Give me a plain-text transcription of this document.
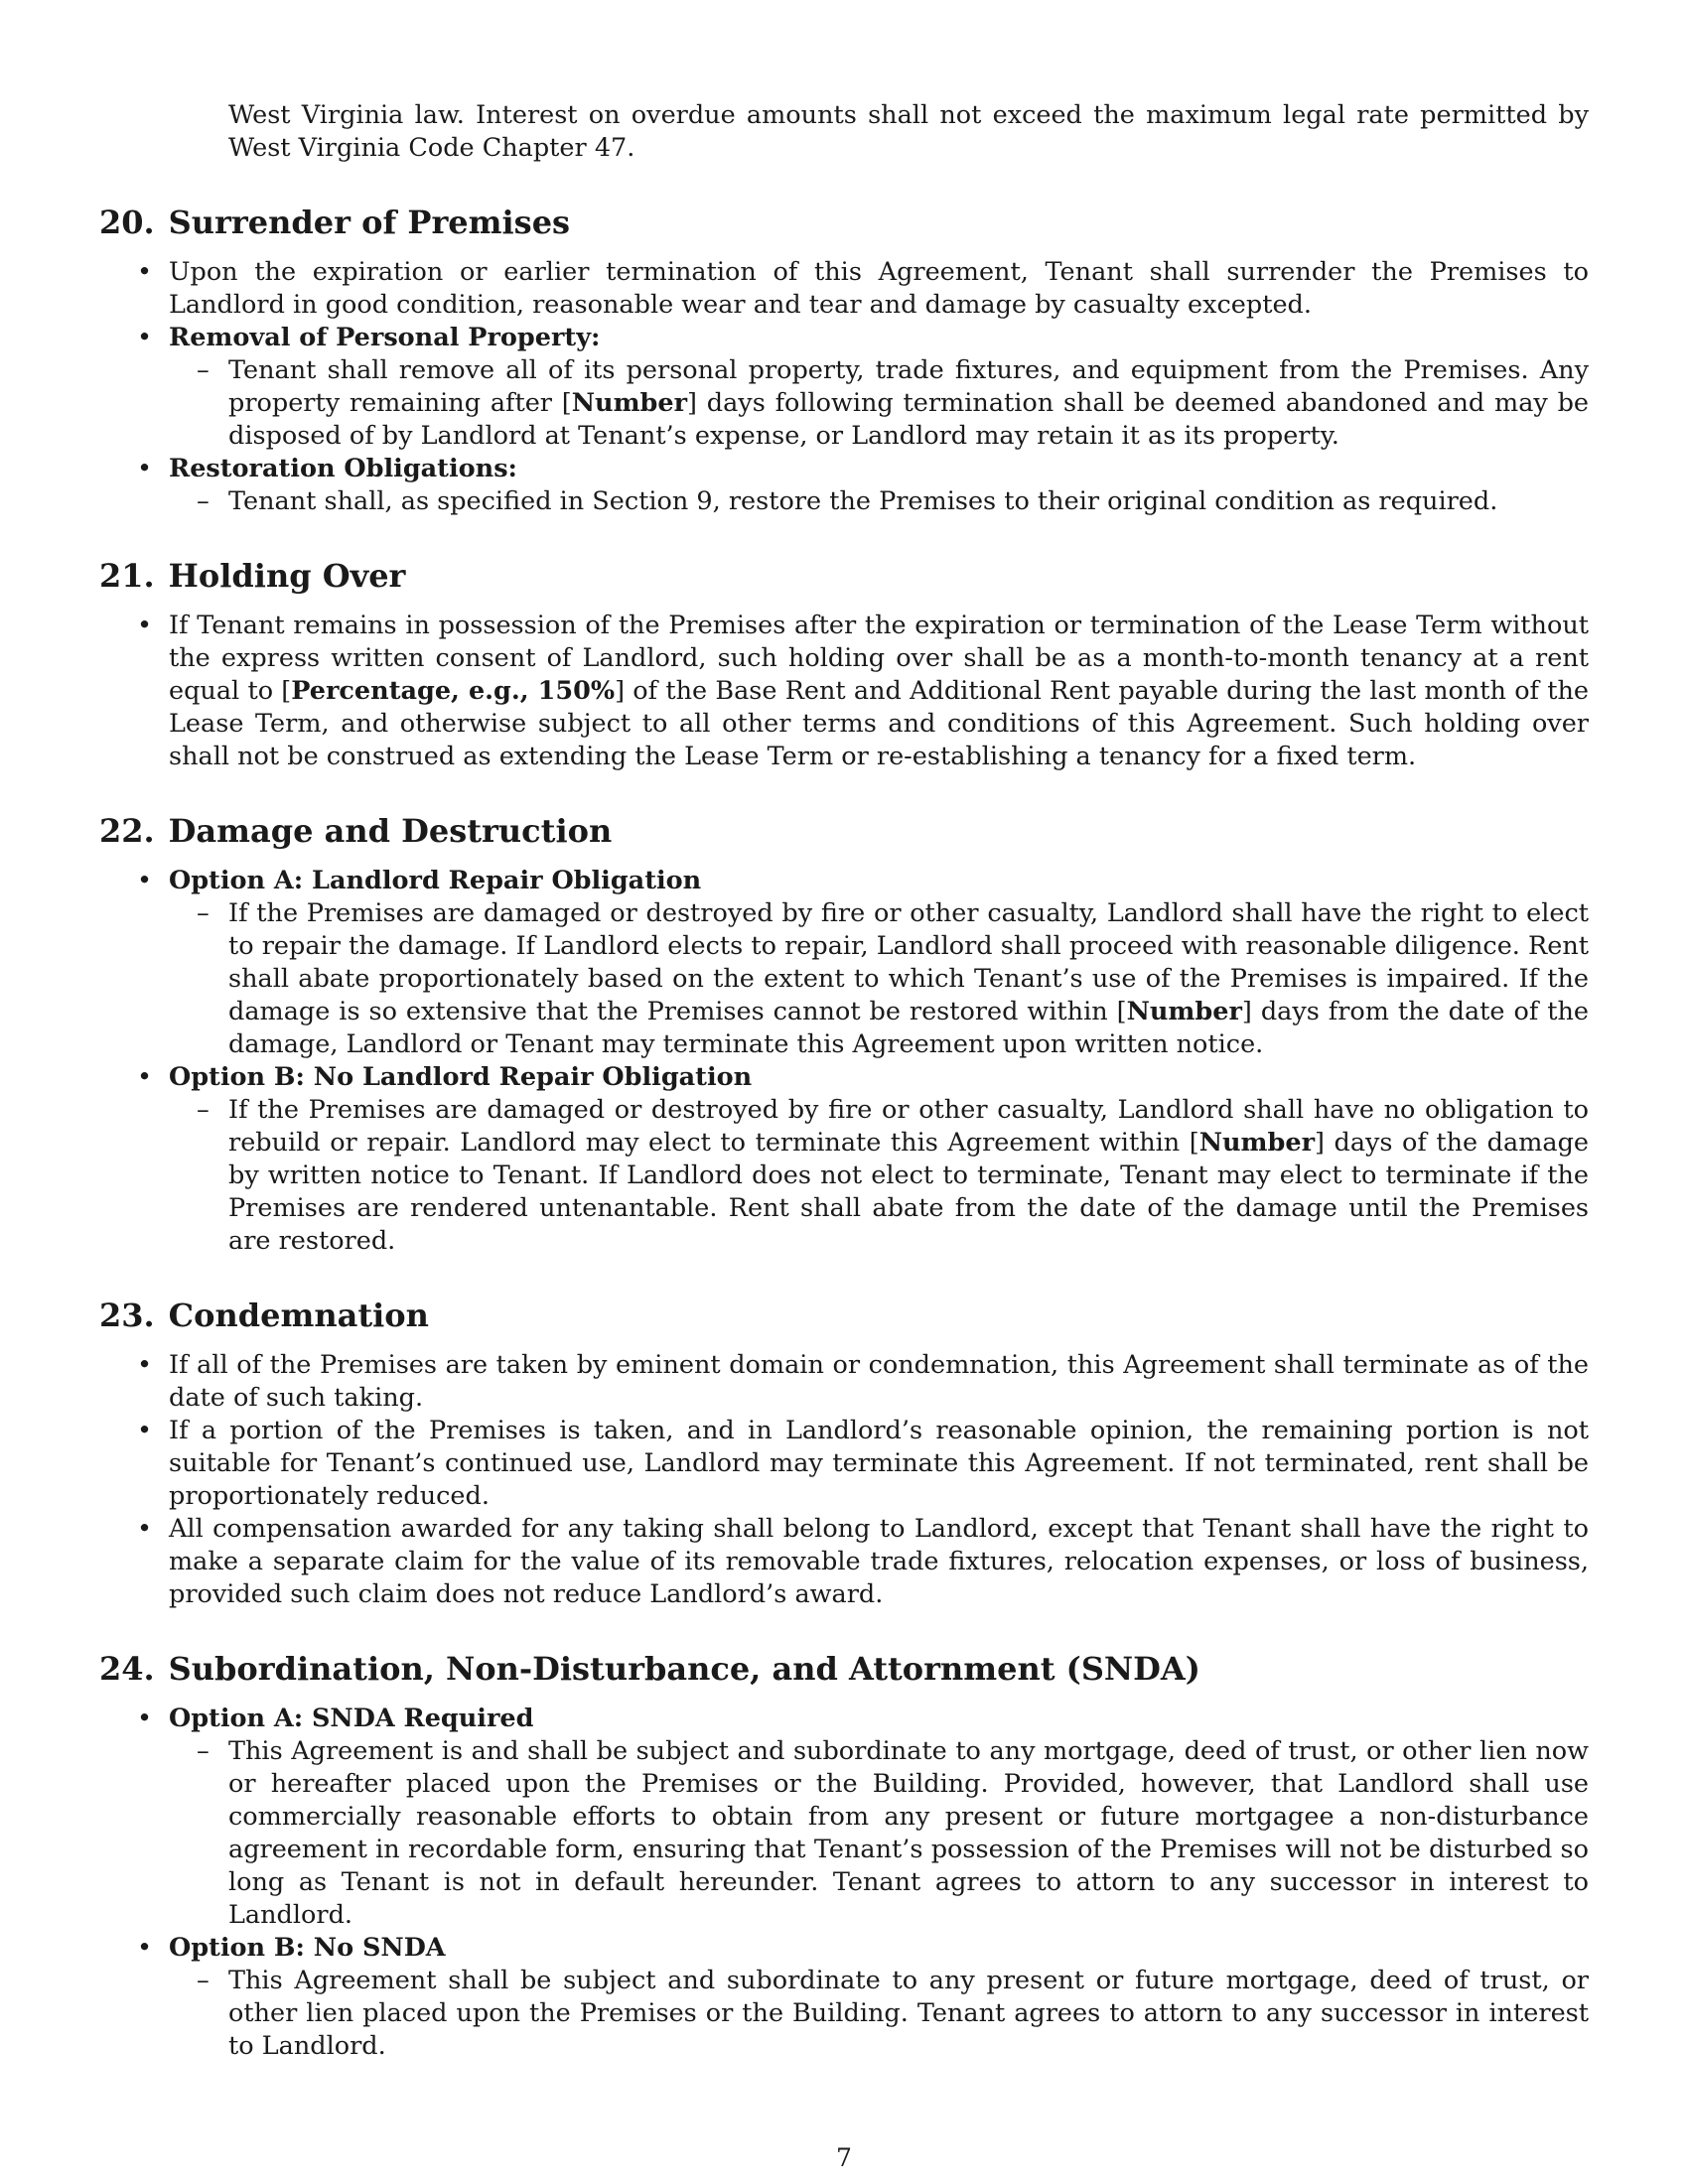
West Virginia law. Interest on overdue amounts shall not exceed the maximum legal rate permitted by West Virginia Code Chapter 47.

20. Surrender of Premises
• Upon the expiration or earlier termination of this Agreement, Tenant shall surrender the Premises to Landlord in good condition, reasonable wear and tear and damage by casualty excepted.
• Removal of Personal Property:
– Tenant shall remove all of its personal property, trade fixtures, and equipment from the Premises. Any property remaining after [Number] days following termination shall be deemed abandoned and may be disposed of by Landlord at Tenant’s expense, or Landlord may retain it as its property.
• Restoration Obligations:
– Tenant shall, as specified in Section 9, restore the Premises to their original condition as required.
21. Holding Over
• If Tenant remains in possession of the Premises after the expiration or termination of the Lease Term without the express written consent of Landlord, such holding over shall be as a month-to-month tenancy at a rent equal to [Percentage, e.g., 150%] of the Base Rent and Additional Rent payable during the last month of the Lease Term, and otherwise subject to all other terms and conditions of this Agreement. Such holding over shall not be construed as extending the Lease Term or re-establishing a tenancy for a fixed term.
22. Damage and Destruction
• Option A: Landlord Repair Obligation
– If the Premises are damaged or destroyed by fire or other casualty, Landlord shall have the right to elect to repair the damage. If Landlord elects to repair, Landlord shall proceed with reasonable diligence. Rent shall abate proportionately based on the extent to which Tenant’s use of the Premises is impaired. If the damage is so extensive that the Premises cannot be restored within [Number] days from the date of the damage, Landlord or Tenant may terminate this Agreement upon written notice.
• Option B: No Landlord Repair Obligation
– If the Premises are damaged or destroyed by fire or other casualty, Landlord shall have no obligation to rebuild or repair. Landlord may elect to terminate this Agreement within [Number] days of the damage by written notice to Tenant. If Landlord does not elect to terminate, Tenant may elect to terminate if the Premises are rendered untenantable. Rent shall abate from the date of the damage until the Premises are restored.
23. Condemnation
• If all of the Premises are taken by eminent domain or condemnation, this Agreement shall terminate as of the date of such taking.
• If a portion of the Premises is taken, and in Landlord’s reasonable opinion, the remaining portion is not suitable for Tenant’s continued use, Landlord may terminate this Agreement. If not terminated, rent shall be proportionately reduced.
• All compensation awarded for any taking shall belong to Landlord, except that Tenant shall have the right to make a separate claim for the value of its removable trade fixtures, relocation expenses, or loss of business, provided such claim does not reduce Landlord’s award.
24. Subordination, Non-Disturbance, and Attornment (SNDA)
• Option A: SNDA Required
– This Agreement is and shall be subject and subordinate to any mortgage, deed of trust, or other lien now or hereafter placed upon the Premises or the Building. Provided, however, that Landlord shall use commercially reasonable efforts to obtain from any present or future mortgagee a non-disturbance agreement in recordable form, ensuring that Tenant’s possession of the Premises will not be disturbed so long as Tenant is not in default hereunder. Tenant agrees to attorn to any successor in interest to Landlord.
• Option B: No SNDA
– This Agreement shall be subject and subordinate to any present or future mortgage, deed of trust, or other lien placed upon the Premises or the Building. Tenant agrees to attorn to any successor in interest to Landlord.
7
